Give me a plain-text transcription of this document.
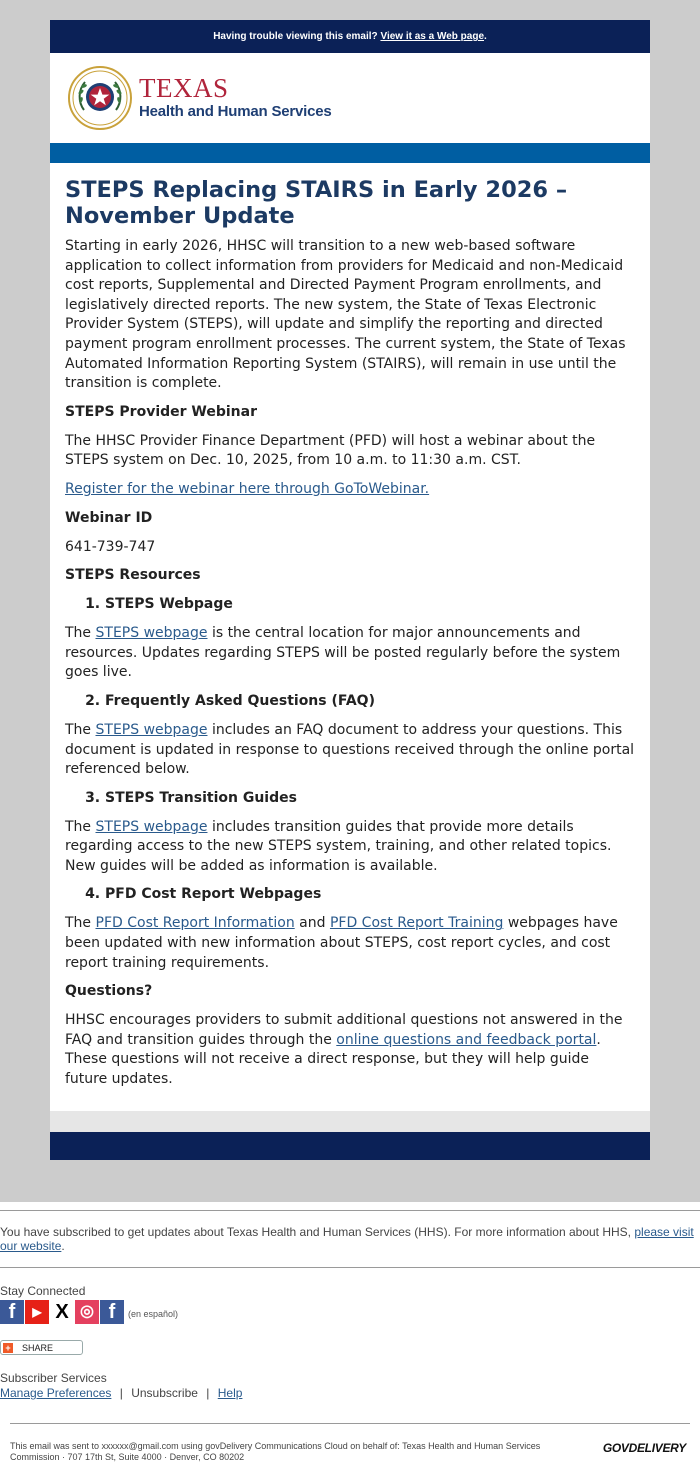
Having trouble viewing this email? View it as a Web page.
TEXAS
Health and Human Services
STEPS Replacing STAIRS in Early 2026 – November Update

Starting in early 2026, HHSC will transition to a new web-based software application to collect information from providers for Medicaid and non-Medicaid cost reports, Supplemental and Directed Payment Program enrollments, and legislatively directed reports. The new system, the State of Texas Electronic Provider System (STEPS), will update and simplify the reporting and directed payment program enrollment processes. The current system, the State of Texas Automated Information Reporting System (STAIRS), will remain in use until the transition is complete.

STEPS Provider Webinar

The HHSC Provider Finance Department (PFD) will host a webinar about the STEPS system on Dec. 10, 2025, from 10 a.m. to 11:30 a.m. CST.

Register for the webinar here through GoToWebinar.

Webinar ID

641-739-747

STEPS Resources
1. STEPS Webpage

The STEPS webpage is the central location for major announcements and resources. Updates regarding STEPS will be posted regularly before the system goes live.

2. Frequently Asked Questions (FAQ)

The STEPS webpage includes an FAQ document to address your questions. This document is updated in response to questions received through the online portal referenced below.

3. STEPS Transition Guides

The STEPS webpage includes transition guides that provide more details regarding access to the new STEPS system, training, and other related topics. New guides will be added as information is available.

4. PFD Cost Report Webpages

The PFD Cost Report Information and PFD Cost Report Training webpages have been updated with new information about STEPS, cost report cycles, and cost report training requirements.

Questions?

HHSC encourages providers to submit additional questions not answered in the FAQ and transition guides through the online questions and feedback portal. These questions will not receive a direct response, but they will help guide future updates.

You have subscribed to get updates about Texas Health and Human Services (HHS). For more information about HHS, please visit our website.
Stay Connected
f	▶ X ◎ f	(en español)
+ SHARE
Subscriber Services
Manage Preferences | Unsubscribe | Help
This email was sent to xxxxxx@gmail.com using govDelivery Communications Cloud on behalf of: Texas Health and Human Services Commission · 707 17th St, Suite 4000 · Denver, CO 80202
GOVDELIVERY
